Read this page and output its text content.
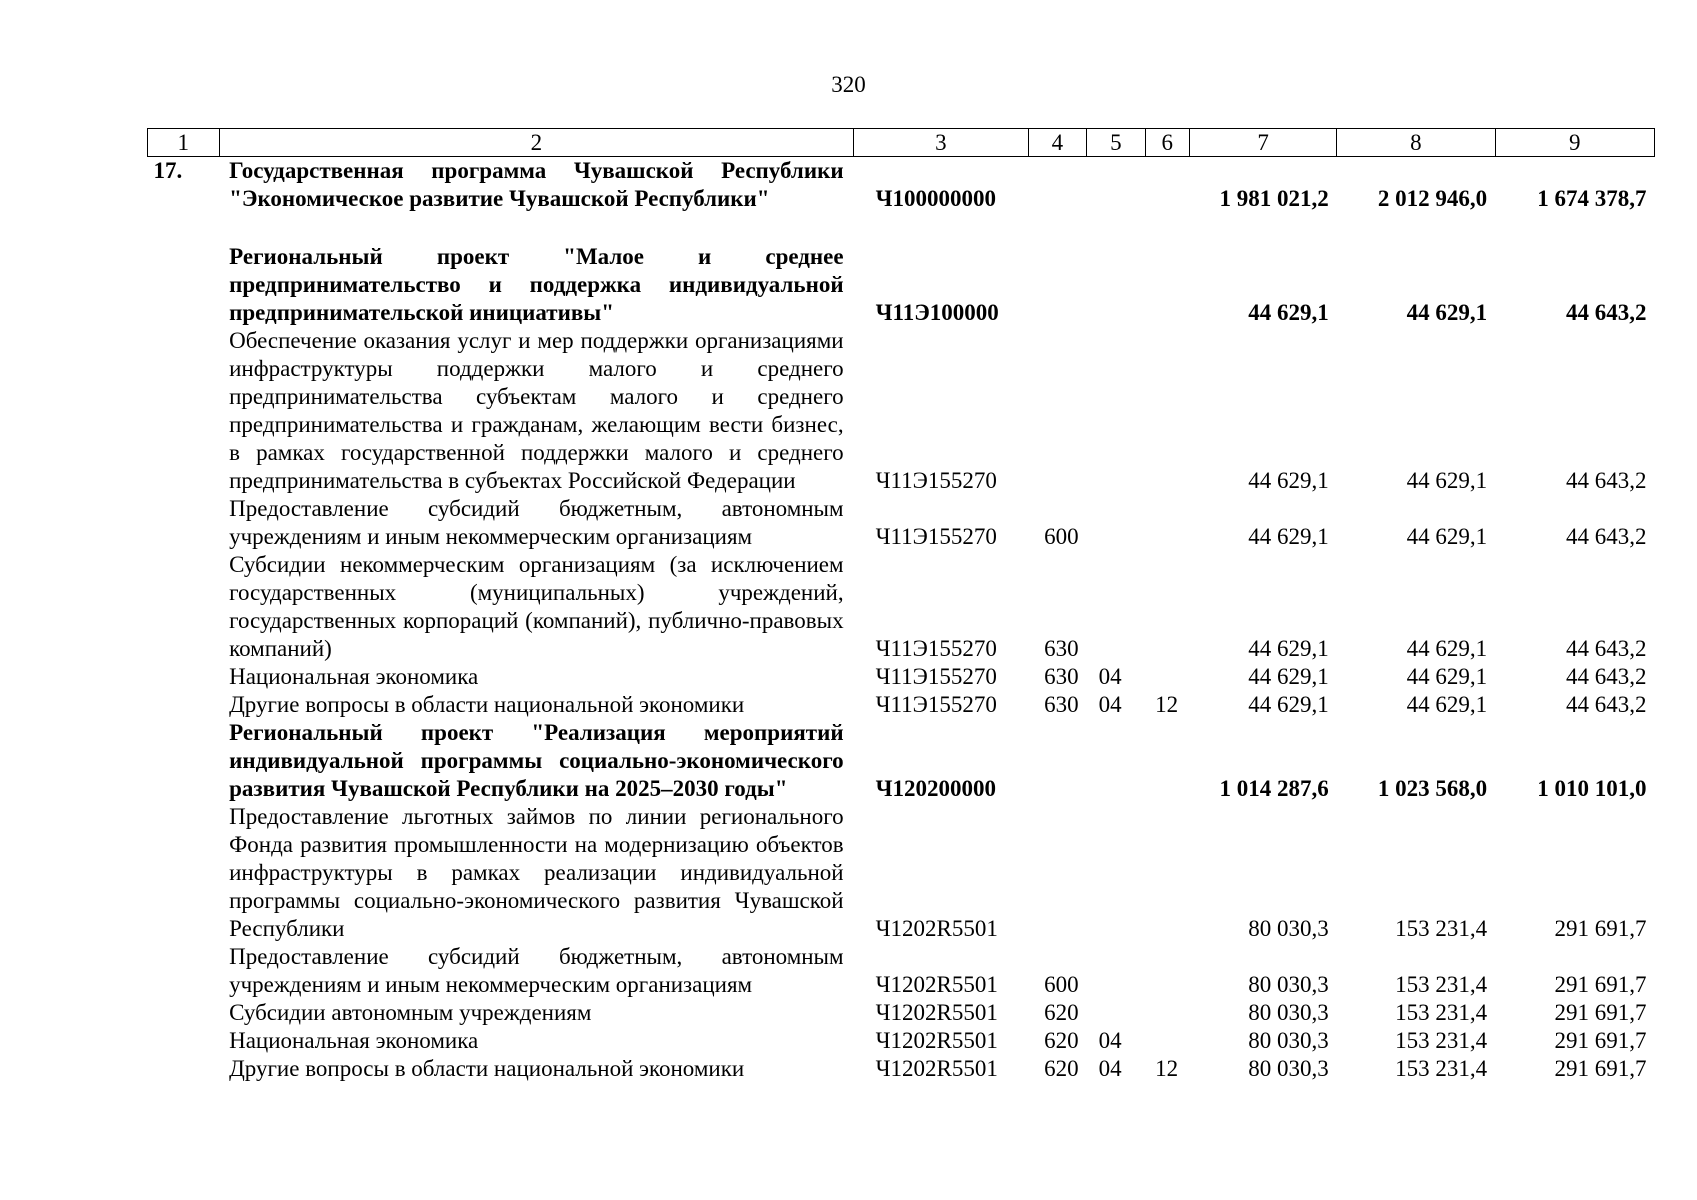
320
1	2	3	4	5	6	7	8	9
17.	Государственная программа Чувашской Республики "Экономическое развитие Чувашской Республики"	Ч100000000				1 981 021,2	2 012 946,0	1 674 378,7

	Региональный проект "Малое и среднее предпринимательство и поддержка индивидуальной предпринимательской инициативы"	Ч11Э100000				44 629,1	44 629,1	44 643,2
	Обеспечение оказания услуг и мер поддержки организациями инфраструктуры поддержки малого и среднего предпринимательства субъектам малого и среднего предпринимательства и гражданам, желающим вести бизнес, в рамках государственной поддержки малого и среднего предпринимательства в субъектах Российской Федерации	Ч11Э155270				44 629,1	44 629,1	44 643,2
	Предоставление субсидий бюджетным, автономным учреждениям и иным некоммерческим организациям	Ч11Э155270	600			44 629,1	44 629,1	44 643,2
	Субсидии некоммерческим организациям (за исключением государственных (муниципальных) учреждений, государственных корпораций (компаний), публично-правовых компаний)	Ч11Э155270	630			44 629,1	44 629,1	44 643,2
	Национальная экономика	Ч11Э155270	630	04		44 629,1	44 629,1	44 643,2
	Другие вопросы в области национальной экономики	Ч11Э155270	630	04	12	44 629,1	44 629,1	44 643,2
	Региональный проект "Реализация мероприятий индивидуальной программы социально-экономического развития Чувашской Республики на 2025–2030 годы"	Ч120200000				1 014 287,6	1 023 568,0	1 010 101,0
	Предоставление льготных займов по линии регионального Фонда развития промышленности на модернизацию объектов инфраструктуры в рамках реализации индивидуальной программы социально-экономического развития Чувашской Республики	Ч1202R5501				80 030,3	153 231,4	291 691,7
	Предоставление субсидий бюджетным, автономным учреждениям и иным некоммерческим организациям	Ч1202R5501	600			80 030,3	153 231,4	291 691,7
	Субсидии автономным учреждениям	Ч1202R5501	620			80 030,3	153 231,4	291 691,7
	Национальная экономика	Ч1202R5501	620	04		80 030,3	153 231,4	291 691,7
	Другие вопросы в области национальной экономики	Ч1202R5501	620	04	12	80 030,3	153 231,4	291 691,7
